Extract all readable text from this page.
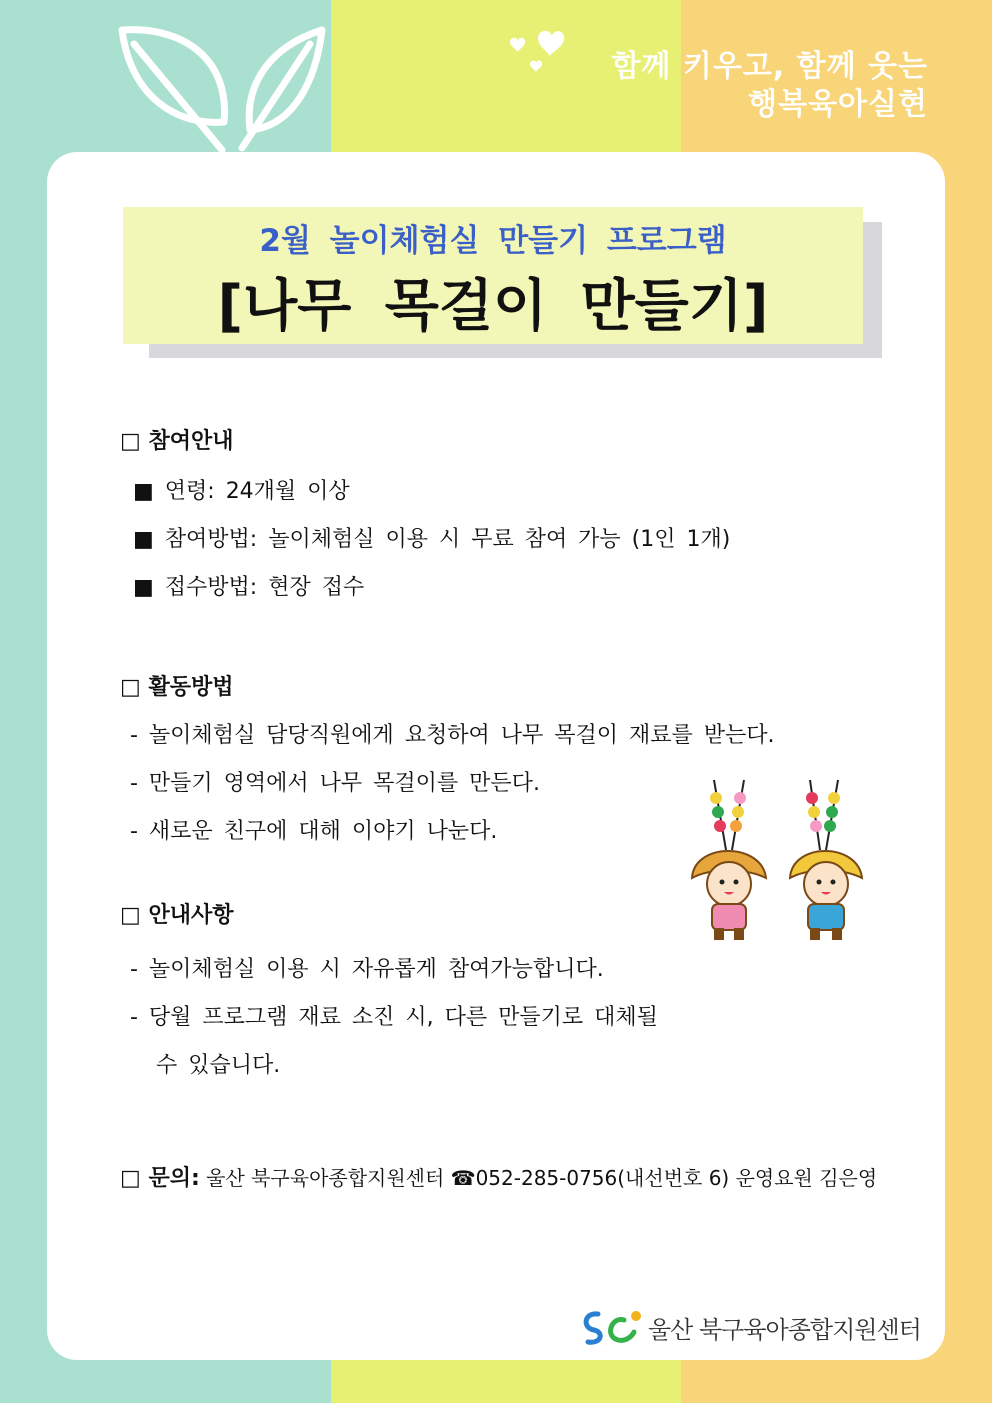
함께 키우고, 함께 웃는
행복육아실현
2월 놀이체험실 만들기 프로그램
[나무 목걸이 만들기]
□ 참여안내
■ 연령: 24개월 이상
■ 참여방법: 놀이체험실 이용 시 무료 참여 가능 (1인 1개)
■ 접수방법: 현장 접수
□ 활동방법
- 놀이체험실 담당직원에게 요청하여 나무 목걸이 재료를 받는다.
- 만들기 영역에서 나무 목걸이를 만든다.
- 새로운 친구에 대해 이야기 나눈다.
□ 안내사항
- 놀이체험실 이용 시 자유롭게 참여가능합니다.
- 당월 프로그램 재료 소진 시, 다른 만들기로 대체될
수 있습니다.
□ 문의: 울산 북구육아종합지원센터 ☎052-285-0756(내선번호 6) 운영요원 김은영
울산 북구육아종합지원센터
